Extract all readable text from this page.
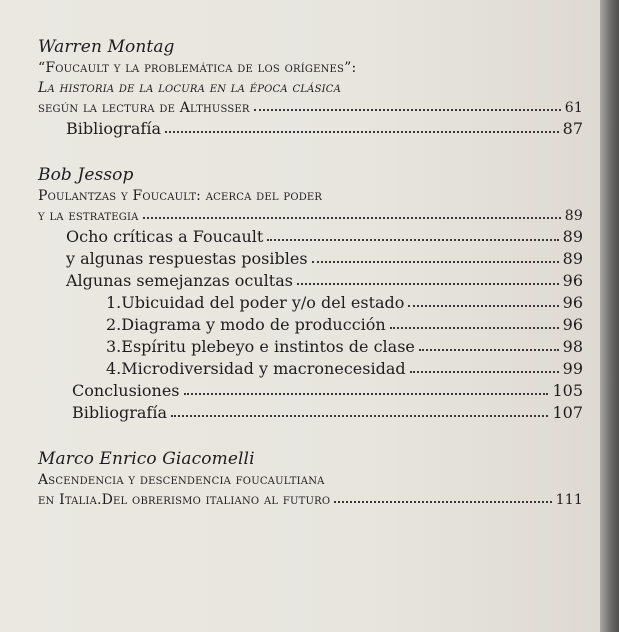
Warren Montag
“Foucault y la problemática de los orígenes”:
La historia de la locura en la época clásica
según la lectura de Althusser	61
Bibliografía	87
Bob Jessop
Poulantzas y Foucault: acerca del poder
y la estrategia	89
Ocho críticas a Foucault	89
y algunas respuestas posibles	89
Algunas semejanzas ocultas	96
1.Ubicuidad del poder y/o del estado	96
2.Diagrama y modo de producción	96
3.Espíritu plebeyo e instintos de clase	98
4.Microdiversidad y macronecesidad	99
Conclusiones	105
Bibliografía	107
Marco Enrico Giacomelli
Ascendencia y descendencia foucaultiana
en Italia.Del obrerismo italiano al futuro	111
